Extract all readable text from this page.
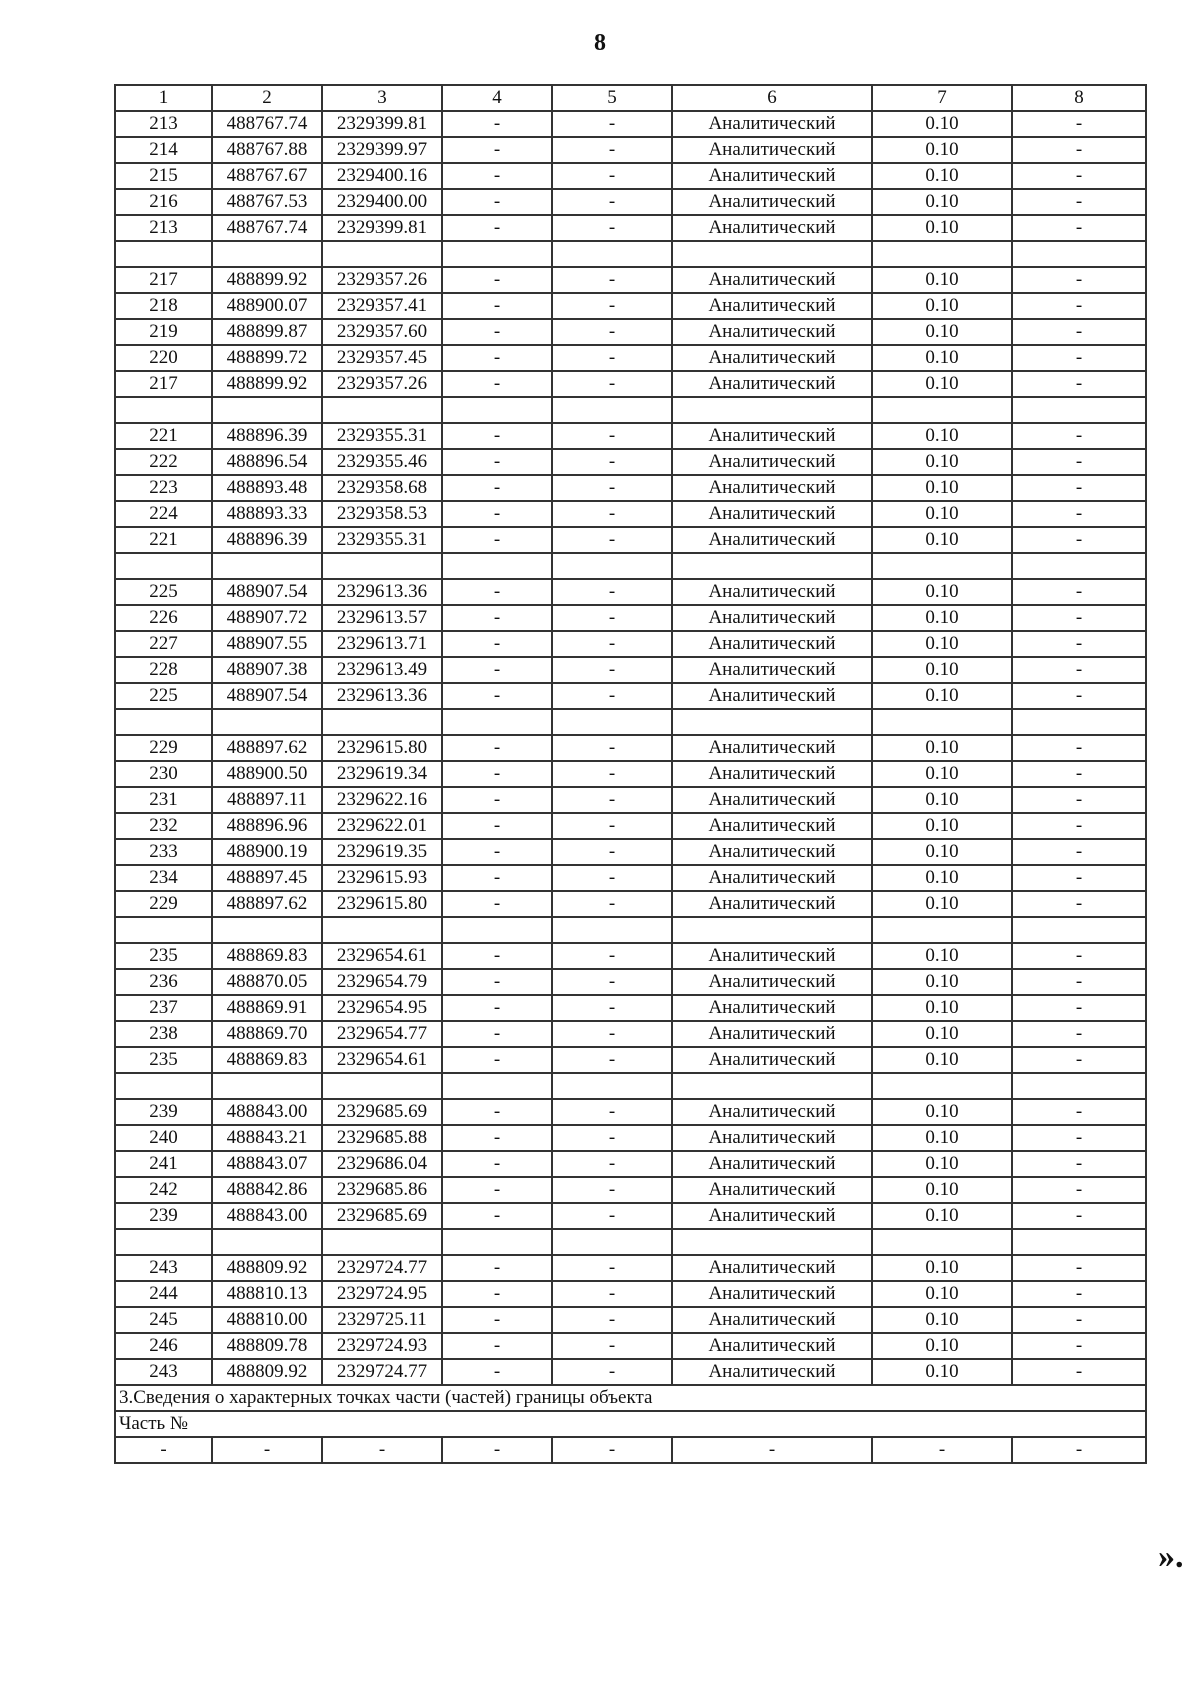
8
1	2	3	4	5	6	7	8
213	488767.74	2329399.81	-	-	Аналитический	0.10	-
214	488767.88	2329399.97	-	-	Аналитический	0.10	-
215	488767.67	2329400.16	-	-	Аналитический	0.10	-
216	488767.53	2329400.00	-	-	Аналитический	0.10	-
213	488767.74	2329399.81	-	-	Аналитический	0.10	-

217	488899.92	2329357.26	-	-	Аналитический	0.10	-
218	488900.07	2329357.41	-	-	Аналитический	0.10	-
219	488899.87	2329357.60	-	-	Аналитический	0.10	-
220	488899.72	2329357.45	-	-	Аналитический	0.10	-
217	488899.92	2329357.26	-	-	Аналитический	0.10	-

221	488896.39	2329355.31	-	-	Аналитический	0.10	-
222	488896.54	2329355.46	-	-	Аналитический	0.10	-
223	488893.48	2329358.68	-	-	Аналитический	0.10	-
224	488893.33	2329358.53	-	-	Аналитический	0.10	-
221	488896.39	2329355.31	-	-	Аналитический	0.10	-

225	488907.54	2329613.36	-	-	Аналитический	0.10	-
226	488907.72	2329613.57	-	-	Аналитический	0.10	-
227	488907.55	2329613.71	-	-	Аналитический	0.10	-
228	488907.38	2329613.49	-	-	Аналитический	0.10	-
225	488907.54	2329613.36	-	-	Аналитический	0.10	-

229	488897.62	2329615.80	-	-	Аналитический	0.10	-
230	488900.50	2329619.34	-	-	Аналитический	0.10	-
231	488897.11	2329622.16	-	-	Аналитический	0.10	-
232	488896.96	2329622.01	-	-	Аналитический	0.10	-
233	488900.19	2329619.35	-	-	Аналитический	0.10	-
234	488897.45	2329615.93	-	-	Аналитический	0.10	-
229	488897.62	2329615.80	-	-	Аналитический	0.10	-

235	488869.83	2329654.61	-	-	Аналитический	0.10	-
236	488870.05	2329654.79	-	-	Аналитический	0.10	-
237	488869.91	2329654.95	-	-	Аналитический	0.10	-
238	488869.70	2329654.77	-	-	Аналитический	0.10	-
235	488869.83	2329654.61	-	-	Аналитический	0.10	-

239	488843.00	2329685.69	-	-	Аналитический	0.10	-
240	488843.21	2329685.88	-	-	Аналитический	0.10	-
241	488843.07	2329686.04	-	-	Аналитический	0.10	-
242	488842.86	2329685.86	-	-	Аналитический	0.10	-
239	488843.00	2329685.69	-	-	Аналитический	0.10	-

243	488809.92	2329724.77	-	-	Аналитический	0.10	-
244	488810.13	2329724.95	-	-	Аналитический	0.10	-
245	488810.00	2329725.11	-	-	Аналитический	0.10	-
246	488809.78	2329724.93	-	-	Аналитический	0.10	-
243	488809.92	2329724.77	-	-	Аналитический	0.10	-
3.Сведения о характерных точках части (частей) границы объекта							
Часть №							
-	-	-	-	-	-	-	-
».
